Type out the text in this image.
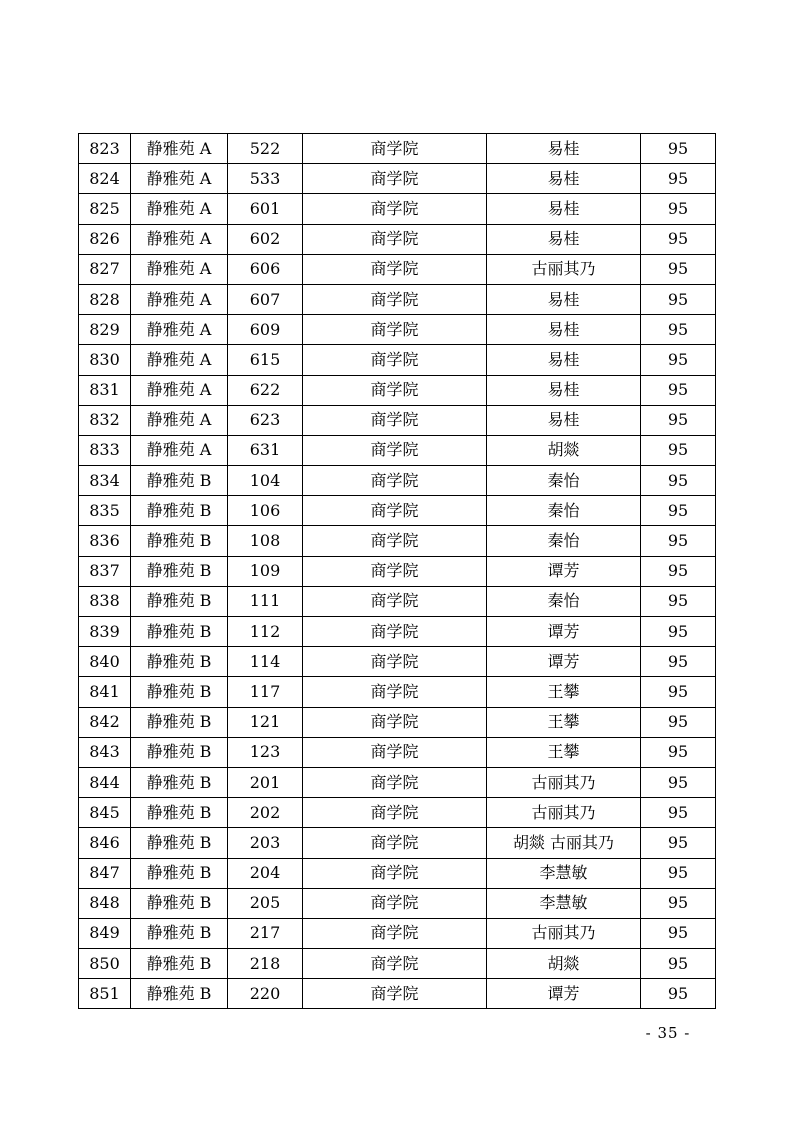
823	静雅苑 A	522	商学院	易桂	95
824	静雅苑 A	533	商学院	易桂	95
825	静雅苑 A	601	商学院	易桂	95
826	静雅苑 A	602	商学院	易桂	95
827	静雅苑 A	606	商学院	古丽其乃	95
828	静雅苑 A	607	商学院	易桂	95
829	静雅苑 A	609	商学院	易桂	95
830	静雅苑 A	615	商学院	易桂	95
831	静雅苑 A	622	商学院	易桂	95
832	静雅苑 A	623	商学院	易桂	95
833	静雅苑 A	631	商学院	胡燚	95
834	静雅苑 B	104	商学院	秦怡	95
835	静雅苑 B	106	商学院	秦怡	95
836	静雅苑 B	108	商学院	秦怡	95
837	静雅苑 B	109	商学院	谭芳	95
838	静雅苑 B	111	商学院	秦怡	95
839	静雅苑 B	112	商学院	谭芳	95
840	静雅苑 B	114	商学院	谭芳	95
841	静雅苑 B	117	商学院	王攀	95
842	静雅苑 B	121	商学院	王攀	95
843	静雅苑 B	123	商学院	王攀	95
844	静雅苑 B	201	商学院	古丽其乃	95
845	静雅苑 B	202	商学院	古丽其乃	95
846	静雅苑 B	203	商学院	胡燚 古丽其乃	95
847	静雅苑 B	204	商学院	李慧敏	95
848	静雅苑 B	205	商学院	李慧敏	95
849	静雅苑 B	217	商学院	古丽其乃	95
850	静雅苑 B	218	商学院	胡燚	95
851	静雅苑 B	220	商学院	谭芳	95
- 35 -
